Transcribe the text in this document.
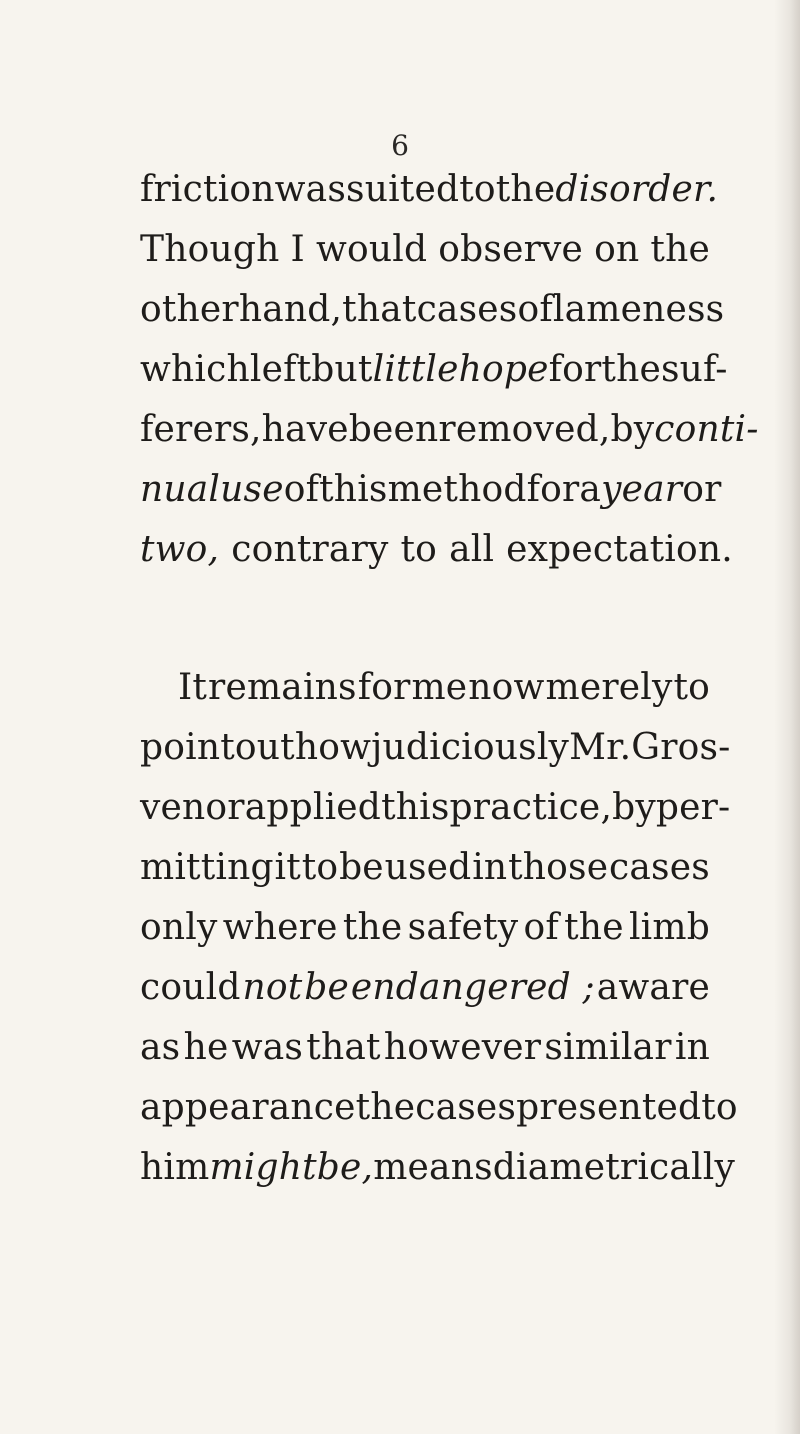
6
friction was suited to the disorder.
Though I would observe on the
other hand, that cases of lameness
which left but little hope for the suf-
ferers, have been removed, by conti-
nual use of this method for a year or
two, contrary to all expectation.
It remains for me now merely to
point out how judiciously Mr. Gros-
venor applied this practice, by per-
mitting it to be used in those cases
only where the safety of the limb
could not be endangered ; aware
as he was that however similar in
appearance the cases presented to
him might be, means diametrically
